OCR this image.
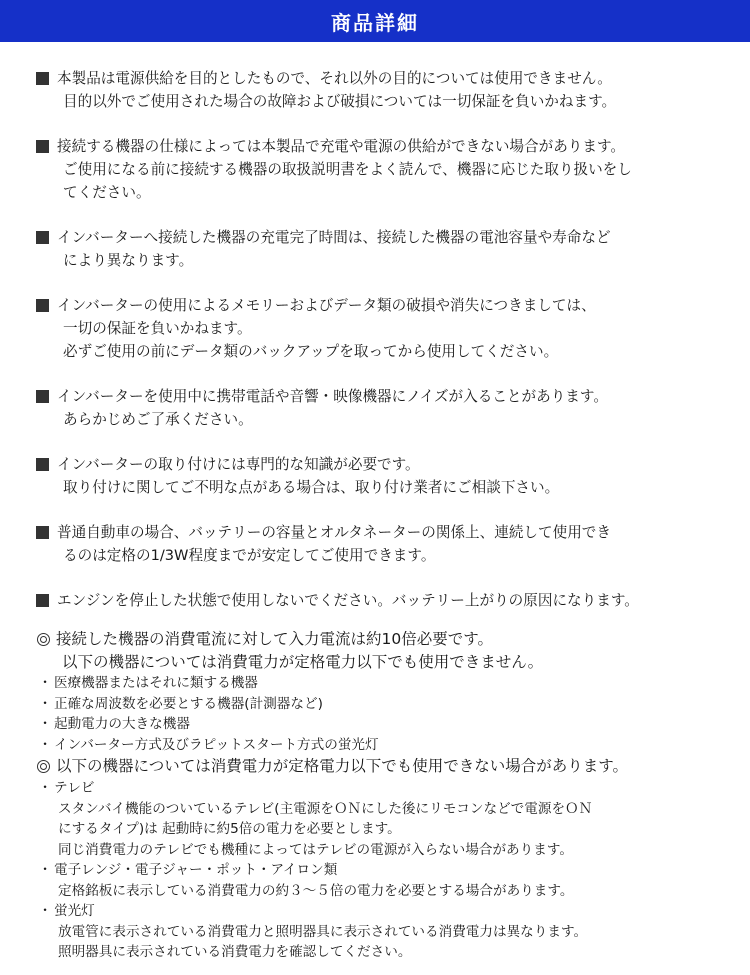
商品詳細
本製品は電源供給を目的としたもので、それ以外の目的については使用できません。
目的以外でご使用された場合の故障および破損については一切保証を負いかねます。
接続する機器の仕様によっては本製品で充電や電源の供給ができない場合があります。
ご使用になる前に接続する機器の取扱説明書をよく読んで、機器に応じた取り扱いをし
てください。
インバーターへ接続した機器の充電完了時間は、接続した機器の電池容量や寿命など
により異なります。
インバーターの使用によるメモリーおよびデータ類の破損や消失につきましては、
一切の保証を負いかねます。
必ずご使用の前にデータ類のバックアップを取ってから使用してください。
インバーターを使用中に携帯電話や音響・映像機器にノイズが入ることがあります。
あらかじめご了承ください。
インバーターの取り付けには専門的な知識が必要です。
取り付けに関してご不明な点がある場合は、取り付け業者にご相談下さい。
普通自動車の場合、バッテリーの容量とオルタネーターの関係上、連続して使用でき
るのは定格の1/3W程度までが安定してご使用できます。
エンジンを停止した状態で使用しないでください。バッテリー上がりの原因になります。
接続した機器の消費電流に対して入力電流は約10倍必要です。
以下の機器については消費電力が定格電力以下でも使用できません。
・ 医療機器またはそれに類する機器
・ 正確な周波数を必要とする機器(計測器など)
・ 起動電力の大きな機器
・ インバーター方式及びラピットスタート方式の蛍光灯
以下の機器については消費電力が定格電力以下でも使用できない場合があります。
・ テレビ
スタンバイ機能のついているテレビ(主電源をＯＮにした後にリモコンなどで電源をＯＮ
にするタイプ)は 起動時に約5倍の電力を必要とします。
同じ消費電力のテレビでも機種によってはテレビの電源が入らない場合があります。
・ 電子レンジ・電子ジャー・ポット・アイロン類
定格銘板に表示している消費電力の約３～５倍の電力を必要とする場合があります。
・ 蛍光灯
放電管に表示されている消費電力と照明器具に表示されている消費電力は異なります。
照明器具に表示されている消費電力を確認してください。
